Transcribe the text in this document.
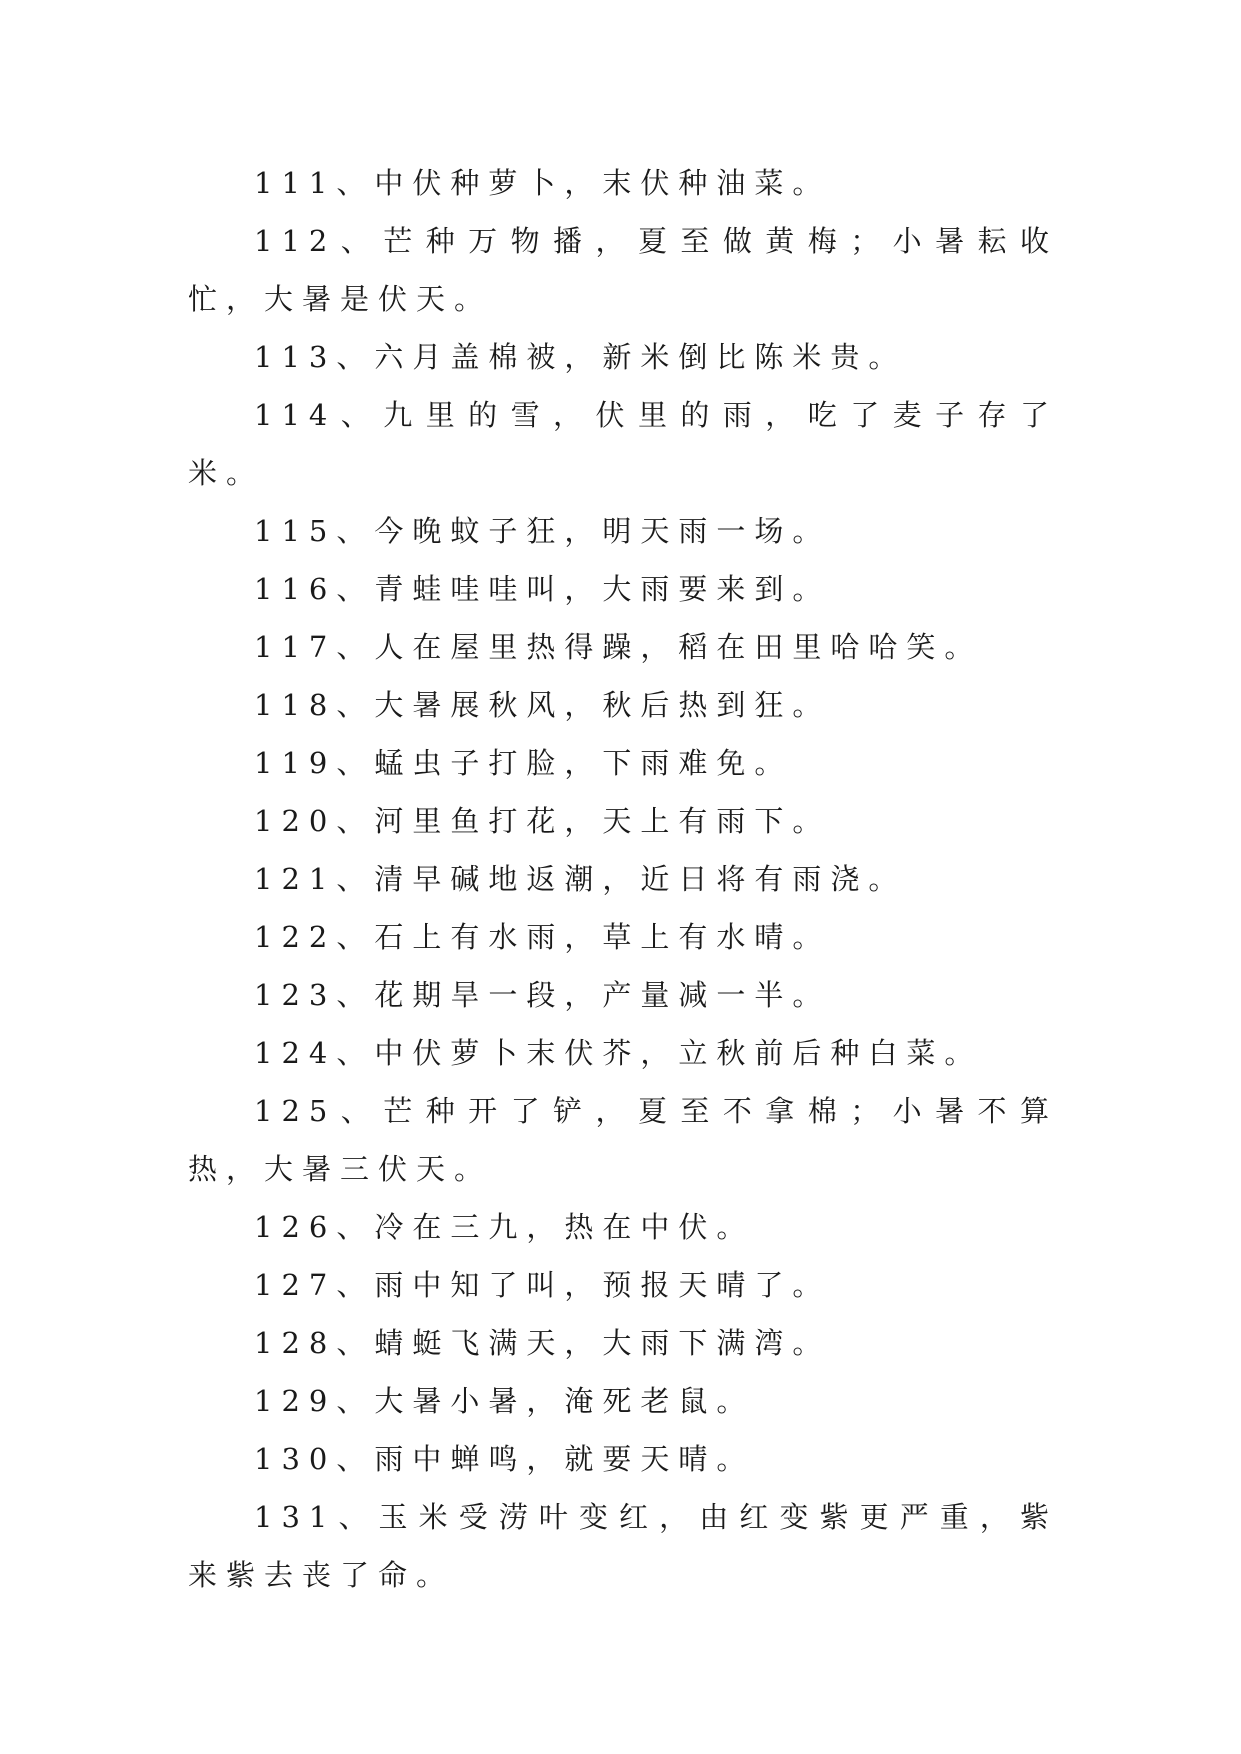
111、中伏种萝卜，末伏种油菜。

112、芒种万物播，夏至做黄梅；小暑耘收忙，大暑是伏天。

113、六月盖棉被，新米倒比陈米贵。

114、九里的雪，伏里的雨，吃了麦子存了米。

115、今晚蚊子狂，明天雨一场。

116、青蛙哇哇叫，大雨要来到。

117、人在屋里热得躁，稻在田里哈哈笑。

118、大暑展秋风，秋后热到狂。

119、蜢虫子打脸，下雨难免。

120、河里鱼打花，天上有雨下。

121、清早碱地返潮，近日将有雨浇。

122、石上有水雨，草上有水晴。

123、花期旱一段，产量减一半。

124、中伏萝卜末伏芥，立秋前后种白菜。

125、芒种开了铲，夏至不拿棉；小暑不算热，大暑三伏天。

126、冷在三九，热在中伏。

127、雨中知了叫，预报天晴了。

128、蜻蜓飞满天，大雨下满湾。

129、大暑小暑，淹死老鼠。

130、雨中蝉鸣，就要天晴。

131、玉米受涝叶变红，由红变紫更严重，紫来紫去丧了命。
